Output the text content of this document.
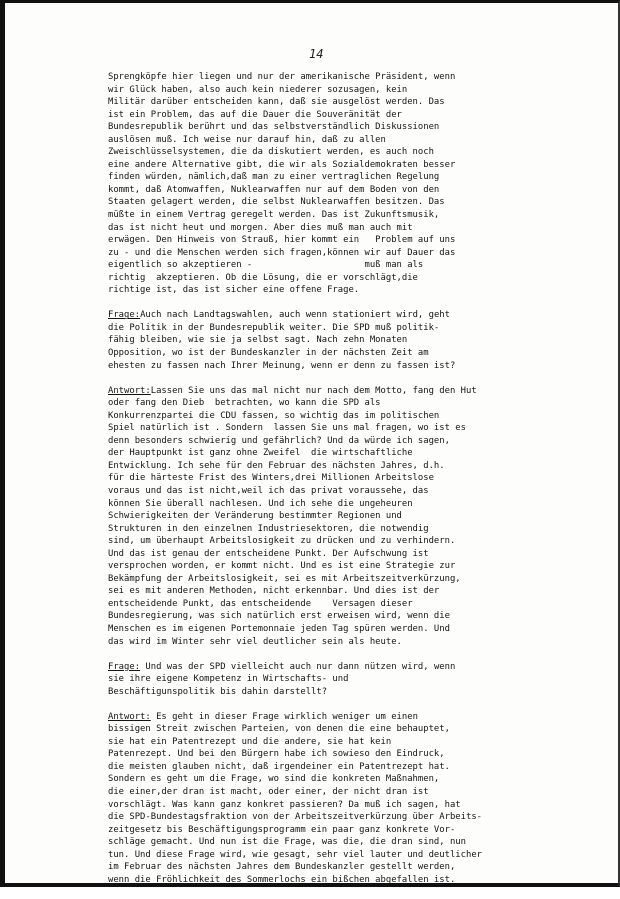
14
Sprengköpfe hier liegen und nur der amerikanische Präsident, wenn
wir Glück haben, also auch kein niederer sozusagen, kein
Militär darüber entscheiden kann, daß sie ausgelöst werden. Das
ist ein Problem, das auf die Dauer die Souveränität der
Bundesrepublik berührt und das selbstverständlich Diskussionen
auslösen muß. Ich weise nur darauf hin, daß zu allen
Zweischlüsselsystemen, die da diskutiert werden, es auch noch
eine andere Alternative gibt, die wir als Sozialdemokraten besser
finden würden, nämlich,daß man zu einer vertraglichen Regelung
kommt, daß Atomwaffen, Nuklearwaffen nur auf dem Boden von den
Staaten gelagert werden, die selbst Nuklearwaffen besitzen. Das
müßte in einem Vertrag geregelt werden. Das ist Zukunftsmusik,
das ist nicht heut und morgen. Aber dies muß man auch mit
erwägen. Den Hinweis von Strauß, hier kommt ein   Problem auf uns
zu - und die Menschen werden sich fragen,können wir auf Dauer das
eigentlich so akzeptieren -                     muß man als
richtig  akzeptieren. Ob die Lösung, die er vorschlägt,die
richtige ist, das ist sicher eine offene Frage.
Frage:Auch nach Landtagswahlen, auch wenn stationiert wird, geht
die Politik in der Bundesrepublik weiter. Die SPD muß politik-
fähig bleiben, wie sie ja selbst sagt. Nach zehn Monaten
Opposition, wo ist der Bundeskanzler in der nächsten Zeit am
ehesten zu fassen nach Ihrer Meinung, wenn er denn zu fassen ist?
Antwort:Lassen Sie uns das mal nicht nur nach dem Motto, fang den Hut
oder fang den Dieb  betrachten, wo kann die SPD als
Konkurrenzpartei die CDU fassen, so wichtig das im politischen
Spiel natürlich ist . Sondern  lassen Sie uns mal fragen, wo ist es
denn besonders schwierig und gefährlich? Und da würde ich sagen,
der Hauptpunkt ist ganz ohne Zweifel  die wirtschaftliche
Entwicklung. Ich sehe für den Februar des nächsten Jahres, d.h.
für die härteste Frist des Winters,drei Millionen Arbeitslose
voraus und das ist nicht,weil ich das privat voraussehe, das
können Sie überall nachlesen. Und ich sehe die ungeheuren
Schwierigkeiten der Veränderung bestimmter Regionen und
Strukturen in den einzelnen Industriesektoren, die notwendig
sind, um überhaupt Arbeitslosigkeit zu drücken und zu verhindern.
Und das ist genau der entscheidene Punkt. Der Aufschwung ist
versprochen worden, er kommt nicht. Und es ist eine Strategie zur
Bekämpfung der Arbeitslosigkeit, sei es mit Arbeitszeitverkürzung,
sei es mit anderen Methoden, nicht erkennbar. Und dies ist der
entscheidende Punkt, das entscheidende    Versagen dieser
Bundesregierung, was sich natürlich erst erweisen wird, wenn die
Menschen es im eigenen Portemonnaie jeden Tag spüren werden. Und
das wird im Winter sehr viel deutlicher sein als heute.
Frage: Und was der SPD vielleicht auch nur dann nützen wird, wenn
sie ihre eigene Kompetenz in Wirtschafts- und
Beschäftigunspolitik bis dahin darstellt?
Antwort: Es geht in dieser Frage wirklich weniger um einen
bissigen Streit zwischen Parteien, von denen die eine behauptet,
sie hat ein Patentrezept und die andere, sie hat kein
Patenrezept. Und bei den Bürgern habe ich sowieso den Eindruck,
die meisten glauben nicht, daß irgendeiner ein Patentrezept hat.
Sondern es geht um die Frage, wo sind die konkreten Maßnahmen,
die einer,der dran ist macht, oder einer, der nicht dran ist
vorschlägt. Was kann ganz konkret passieren? Da muß ich sagen, hat
die SPD-Bundestagsfraktion von der Arbeitszeitverkürzung über Arbeits-
zeitgesetz bis Beschäftigungsprogramm ein paar ganz konkrete Vor-
schläge gemacht. Und nun ist die Frage, was die, die dran sind, nun
tun. Und diese Frage wird, wie gesagt, sehr viel lauter und deutlicher
im Februar des nächsten Jahres dem Bundeskanzler gestellt werden,
wenn die Fröhlichkeit des Sommerlochs ein bißchen abgefallen ist.
